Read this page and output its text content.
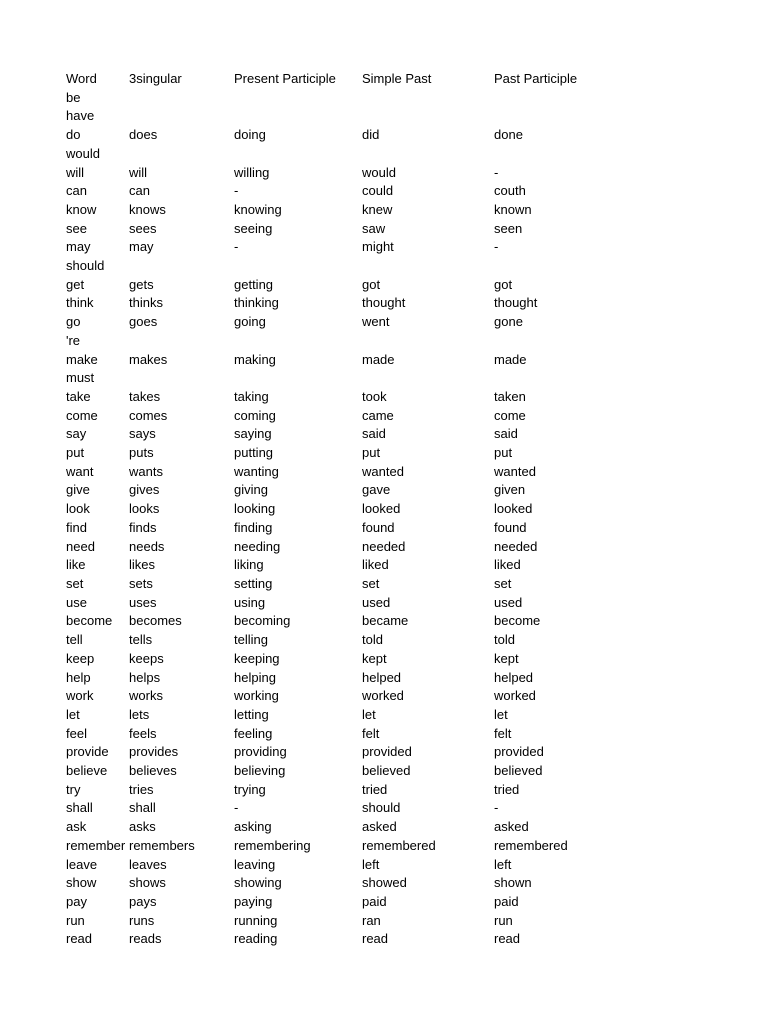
Word	3singular	Present Participle	Simple Past	Past Participle
be				
have				
do	does	doing	did	done
would				
will	will	willing	would	-
can	can	-	could	couth
know	knows	knowing	knew	known
see	sees	seeing	saw	seen
may	may	-	might	-
should				
get	gets	getting	got	got
think	thinks	thinking	thought	thought
go	goes	going	went	gone
're				
make	makes	making	made	made
must				
take	takes	taking	took	taken
come	comes	coming	came	come
say	says	saying	said	said
put	puts	putting	put	put
want	wants	wanting	wanted	wanted
give	gives	giving	gave	given
look	looks	looking	looked	looked
find	finds	finding	found	found
need	needs	needing	needed	needed
like	likes	liking	liked	liked
set	sets	setting	set	set
use	uses	using	used	used
become	becomes	becoming	became	become
tell	tells	telling	told	told
keep	keeps	keeping	kept	kept
help	helps	helping	helped	helped
work	works	working	worked	worked
let	lets	letting	let	let
feel	feels	feeling	felt	felt
provide	provides	providing	provided	provided
believe	believes	believing	believed	believed
try	tries	trying	tried	tried
shall	shall	-	should	-
ask	asks	asking	asked	asked
remember	remembers	remembering	remembered	remembered
leave	leaves	leaving	left	left
show	shows	showing	showed	shown
pay	pays	paying	paid	paid
run	runs	running	ran	run
read	reads	reading	read	read
